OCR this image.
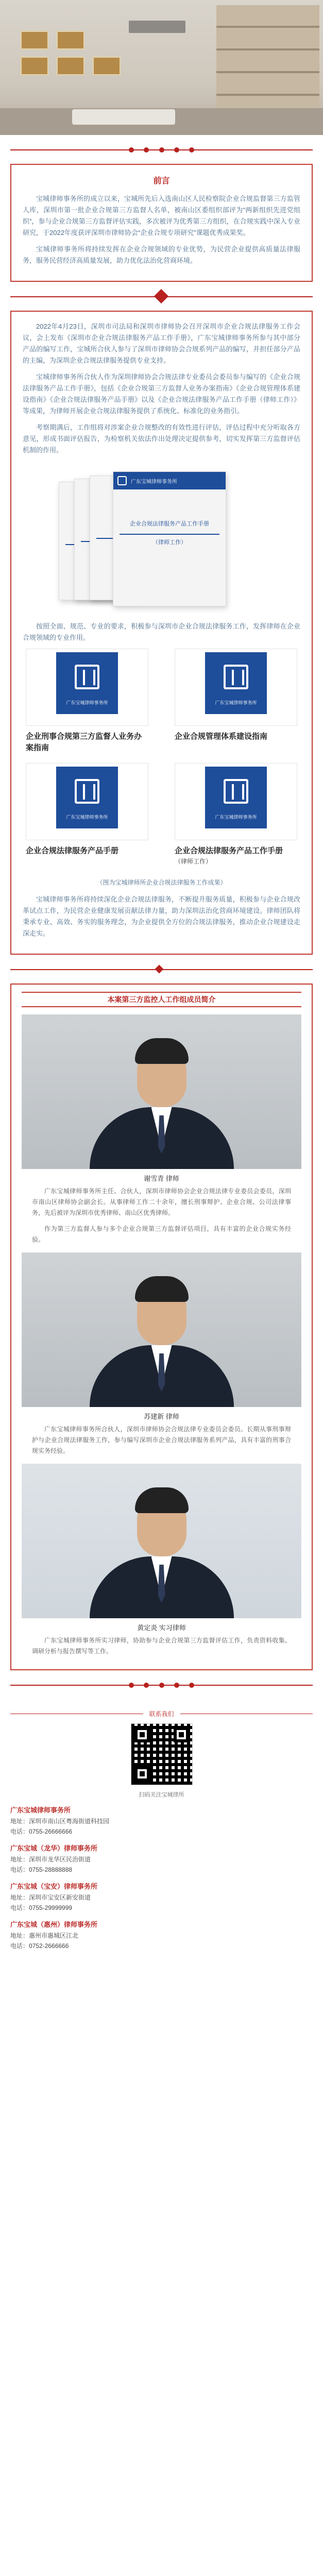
前言

宝城律师事务所的成立以来，宝城所先后入选南山区人民检察院企业合规监督第三方监管人库，深圳市第一批企业合规第三方监督人名单，被南山区委组织部评为“两新组织先进党组织”，参与企业合规第三方监督评估实践，多次被评为优秀第三方组织，在合规实践中深入专业研究，于2022年度获评深圳市律师协会“企业合规专项研究”课题优秀成果奖。

宝城律师事务所将持续发挥在企业合规领域的专业优势，为民营企业提供高质量法律服务，服务民营经济高质量发展，助力优化法治化营商环境。

2022年4月23日，深圳市司法局和深圳市律师协会召开深圳市企业合规法律服务工作会议，会上发布《深圳市企业合规法律服务产品工作手册》，广东宝城律师事务所参与其中部分产品的编写工作，宝城所合伙人参与了深圳市律师协会合规系列产品的编写，并担任部分产品的主编，为深圳企业合规法律服务提供专业支持。

宝城律师事务所合伙人作为深圳律师协会合规法律专业委员会委员参与编写的《企业合规法律服务产品工作手册》，包括《企业合规第三方监督人业务办案指南》《企业合规管理体系建设指南》《企业合规法律服务产品手册》以及《企业合规法律服务产品工作手册（律师工作）》等成果，为律师开展企业合规法律服务提供了系统化、标准化的业务指引。

考察期满后，工作组将对涉案企业合规整改的有效性进行评估，评估过程中充分听取各方意见，形成书面评估报告，为检察机关依法作出处理决定提供参考，切实发挥第三方监督评估机制的作用。

广东宝城律师事务所
企业合规法律服务产品工作手册
（律师工作）

按照全面、规范、专业的要求，积极参与深圳市企业合规法律服务工作，发挥律师在企业合规领域的专业作用。

广东宝城律师事务所
企业刑事合规第三方监督人业务办案指南
广东宝城律师事务所
企业合规管理体系建设指南
广东宝城律师事务所
企业合规法律服务产品手册
广东宝城律师事务所
企业合规法律服务产品工作手册
（律师工作）
（图为宝城律师所企业合规法律服务工作成果）

宝城律师事务所将持续深化企业合规法律服务，不断提升服务质量，积极参与企业合规改革试点工作，为民营企业健康发展贡献法律力量，助力深圳法治化营商环境建设。律师团队将秉承专业、高效、务实的服务理念，为企业提供全方位的合规法律服务，推动企业合规建设走深走实。

本案第三方监控人工作组成员简介
谢雪青 律师

广东宝城律师事务所主任、合伙人，深圳市律师协会企业合规法律专业委员会委员，深圳市南山区律师协会副会长。从事律师工作二十余年，擅长刑事辩护、企业合规、公司法律事务，先后被评为深圳市优秀律师、南山区优秀律师。

作为第三方监督人参与多个企业合规第三方监督评估项目，具有丰富的企业合规实务经验。

苏建新 律师

广东宝城律师事务所合伙人，深圳市律师协会合规法律专业委员会委员。长期从事刑事辩护与企业合规法律服务工作，参与编写深圳市企业合规法律服务系列产品，具有丰富的刑事合规实务经验。

黄定炎 实习律师

广东宝城律师事务所实习律师，协助参与企业合规第三方监督评估工作，负责资料收集、调研分析与报告撰写等工作。

联系我们
扫码关注宝城律所
广东宝城律师事务所
地址：深圳市南山区粤海街道科技园
电话：0755-26666666
广东宝城（龙华）律师事务所
地址：深圳市龙华区民治街道
电话：0755-28888888
广东宝城（宝安）律师事务所
地址：深圳市宝安区新安街道
电话：0755-29999999
广东宝城（惠州）律师事务所
地址：惠州市惠城区江北
电话：0752-2666666
